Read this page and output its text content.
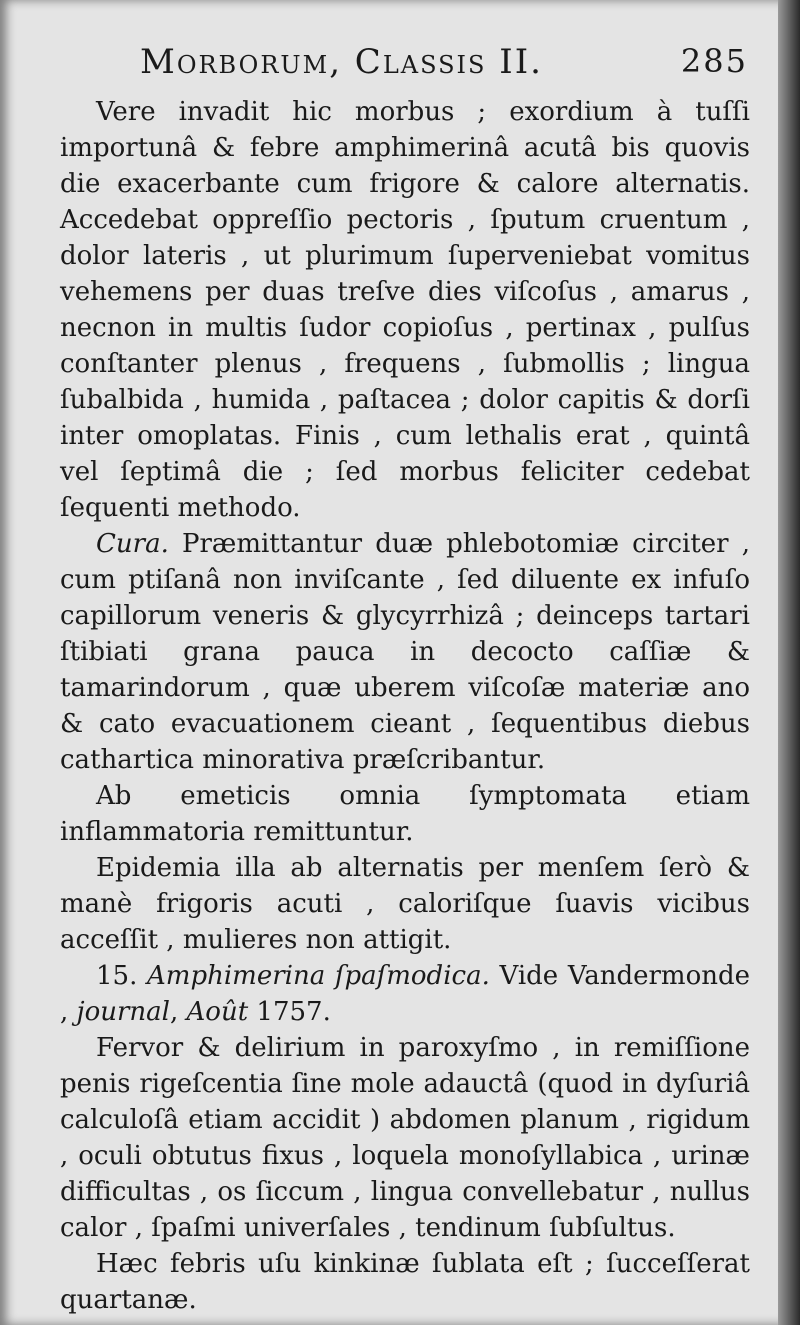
Morborum, Classis II.	285

Vere invadit hic morbus ; exordium à tuſſi importunâ & febre amphimerinâ acutâ bis quovis die exacerbante cum frigore & calore alternatis. Accedebat oppreſſio pectoris , ſputum cruentum , dolor lateris , ut plurimum ſuperveniebat vomitus vehemens per duas treſve dies viſcoſus , amarus , necnon in multis ſudor copioſus , pertinax , pulſus conſtanter plenus , frequens , ſubmollis ; lingua ſubalbida , humida , paſtacea ; dolor capitis & dorſi inter omoplatas. Finis , cum lethalis erat , quintâ vel ſeptimâ die ; ſed morbus feliciter cedebat ſequenti methodo.

Cura. Præmittantur duæ phlebotomiæ circiter , cum ptiſanâ non inviſcante , ſed diluente ex infuſo capillorum veneris & glycyrrhizâ ; deinceps tartari ſtibiati grana pauca in decocto caſſiæ & tamarindorum , quæ uberem viſcoſæ materiæ ano & cato evacuationem cieant , ſequentibus diebus cathartica minorativa præſcribantur.

Ab emeticis omnia ſymptomata etiam inflammatoria remittuntur.

Epidemia illa ab alternatis per menſem ſerò & manè frigoris acuti , caloriſque ſuavis vicibus acceſſit , mulieres non attigit.

15. Amphimerina ſpaſmodica. Vide Vandermonde , journal, Août 1757.

Fervor & delirium in paroxyſmo , in remiſſione penis rigeſcentia ſine mole adauctâ (quod in dyſuriâ calculoſâ etiam accidit ) abdomen planum , rigidum , oculi obtutus fixus , loquela monoſyllabica , urinæ difficultas , os ſiccum , lingua convellebatur , nullus calor , ſpaſmi univerſales , tendinum ſubſultus.

Hæc febris uſu kinkinæ ſublata eſt ; ſucceſſerat quartanæ.
